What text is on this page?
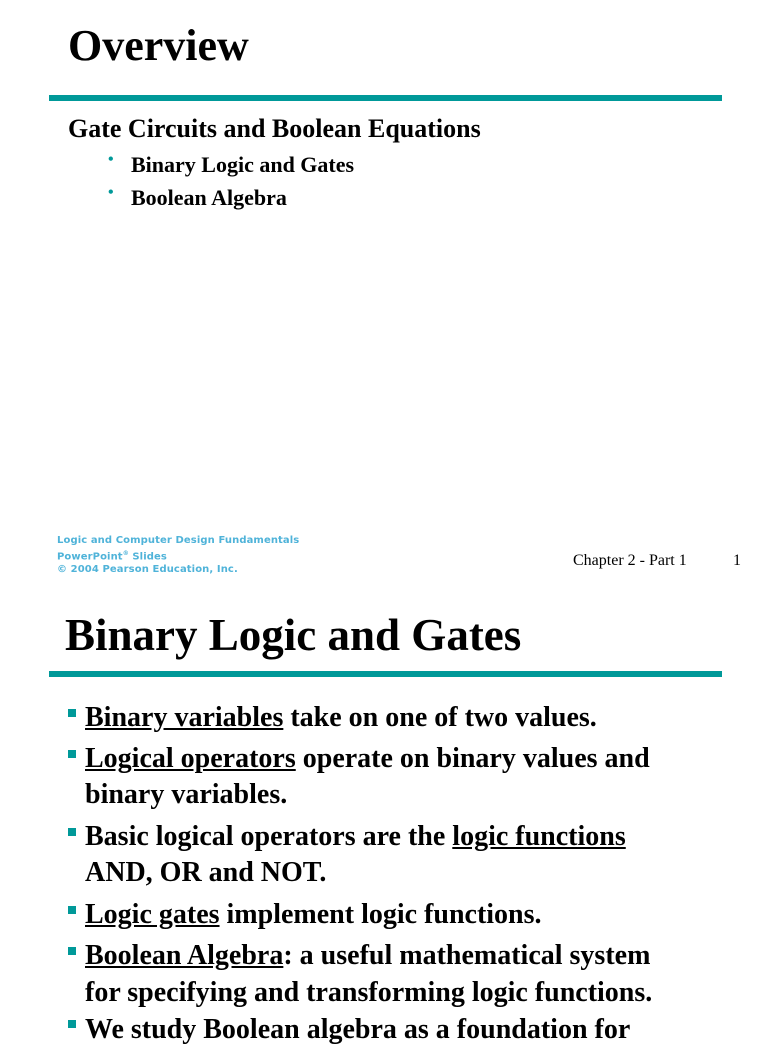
Overview
Gate Circuits and Boolean Equations
• Binary Logic and Gates
• Boolean Algebra
Logic and Computer Design Fundamentals
PowerPoint® Slides
© 2004 Pearson Education, Inc.
Chapter 2 - Part 1	1
Binary Logic and Gates
Binary variables take on one of two values.
Logical operators operate on binary values and
binary variables.
Basic logical operators are the logic functions
AND, OR and NOT.
Logic gates implement logic functions.
Boolean Algebra: a useful mathematical system
for specifying and transforming logic functions.
We study Boolean algebra as a foundation for
